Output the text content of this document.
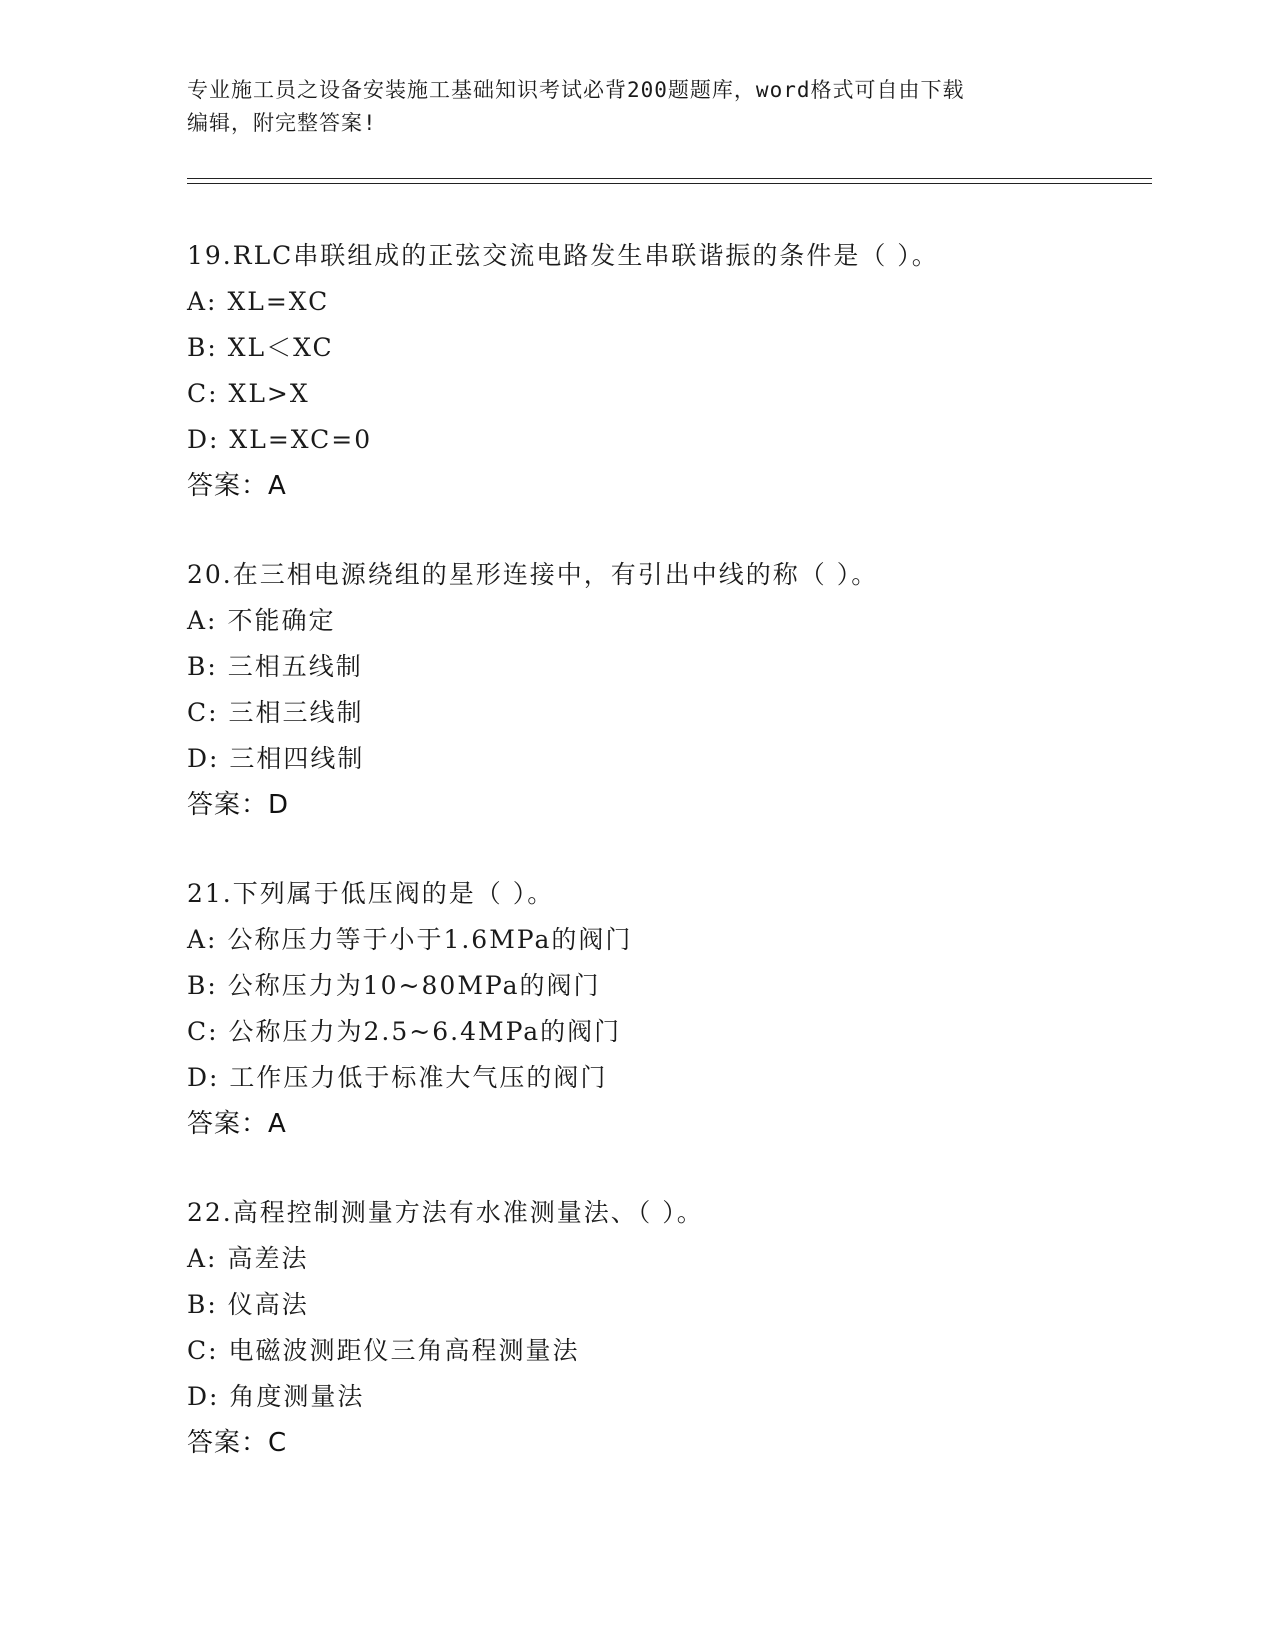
专业施工员之设备安装施工基础知识考试必背200题题库，word格式可自由下载
编辑，附完整答案!
19.RLC串联组成的正弦交流电路发生串联谐振的条件是（ ）。
A: XL=XC
B: XL＜XC
C: XL>X
D: XL=XC=0
答案：A
20.在三相电源绕组的星形连接中，有引出中线的称（ ）。
A: 不能确定
B: 三相五线制
C: 三相三线制
D: 三相四线制
答案：D
21.下列属于低压阀的是（ ）。
A: 公称压力等于小于1.6MPa的阀门
B: 公称压力为10~80MPa的阀门
C: 公称压力为2.5~6.4MPa的阀门
D: 工作压力低于标准大气压的阀门
答案：A
22.高程控制测量方法有水准测量法、（ ）。
A: 高差法
B: 仪高法
C: 电磁波测距仪三角高程测量法
D: 角度测量法
答案：C
